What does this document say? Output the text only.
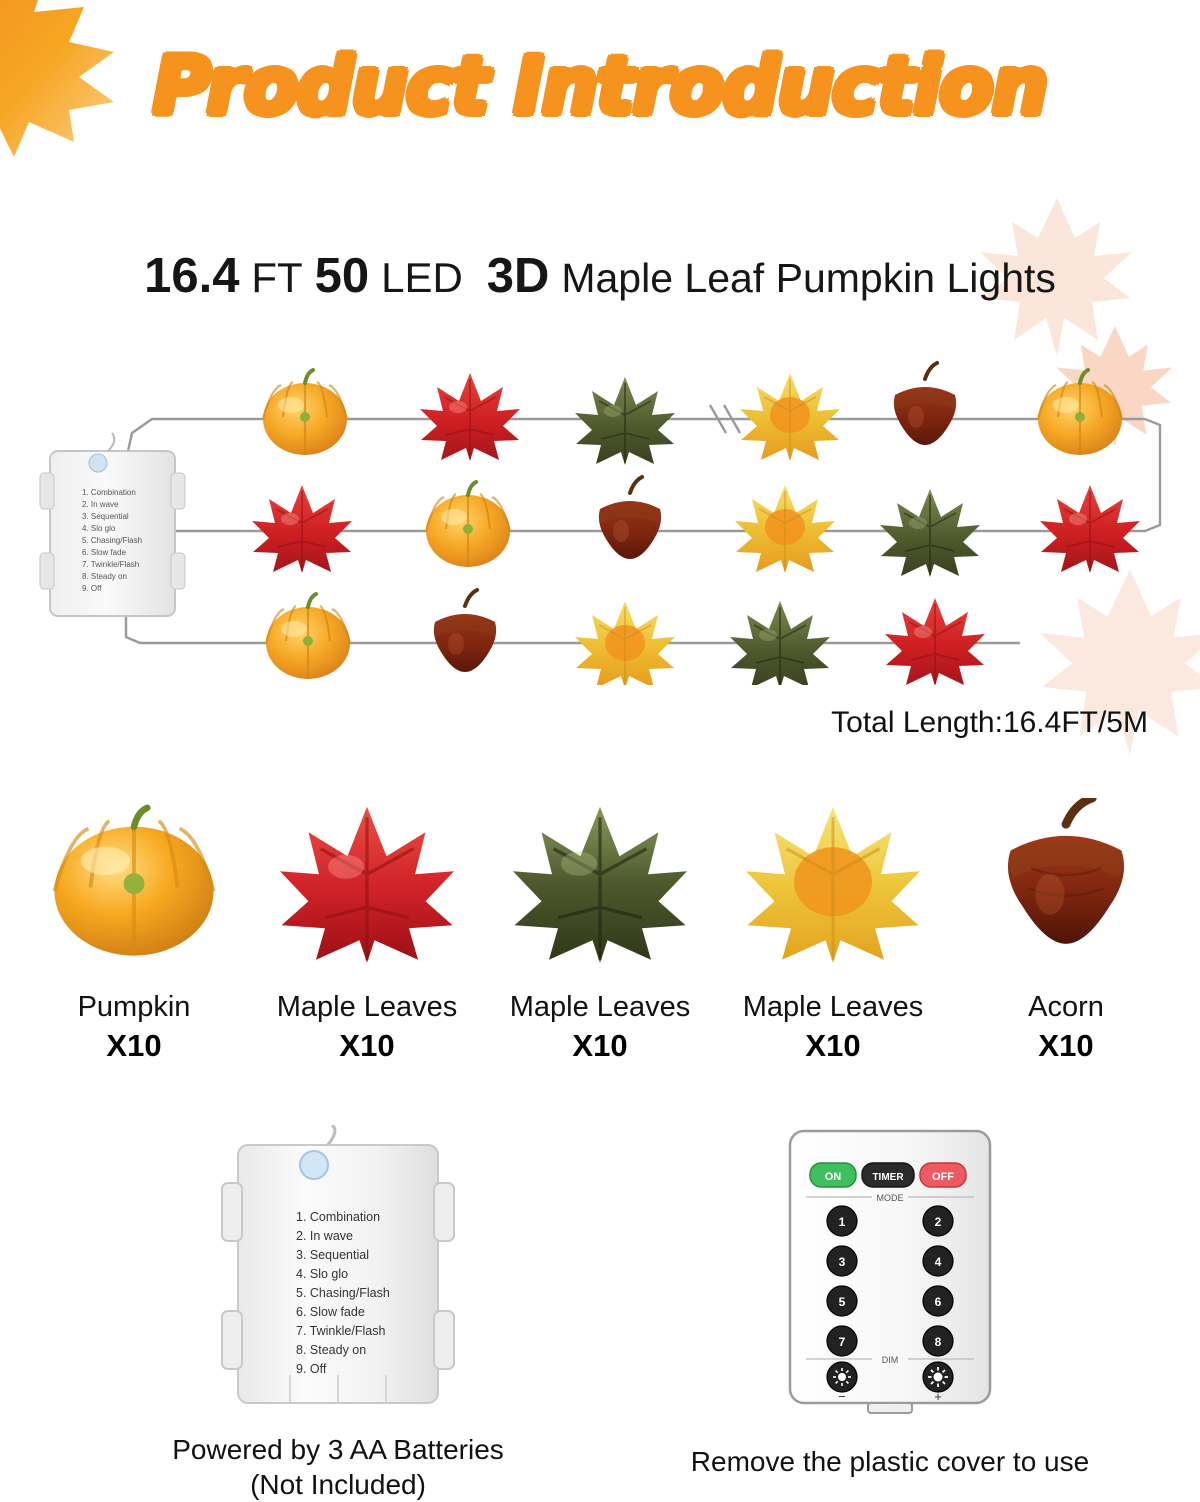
Product Introduction
16.4 FT 50 LED 3D Maple Leaf Pumpkin Lights
1. Combination
2. In wave
3. Sequential
4. Slo glo
5. Chasing/Flash
6. Slow fade
7. Twinkle/Flash
8. Steady on
9. Off
Total Length:16.4FT/5M
Pumpkin
X10
Maple Leaves
X10
Maple Leaves
X10
Maple Leaves
X10
Acorn
X10
1. Combination
2. In wave
3. Sequential
4. Slo glo
5. Chasing/Flash
6. Slow fade
7. Twinkle/Flash
8. Steady on
9. Off
Powered by 3 AA Batteries
(Not Included)
ON	TIMER	OFF
MODE
1	2
3	4
5	6
7	8
DIM
−	+
Remove the plastic cover to use
